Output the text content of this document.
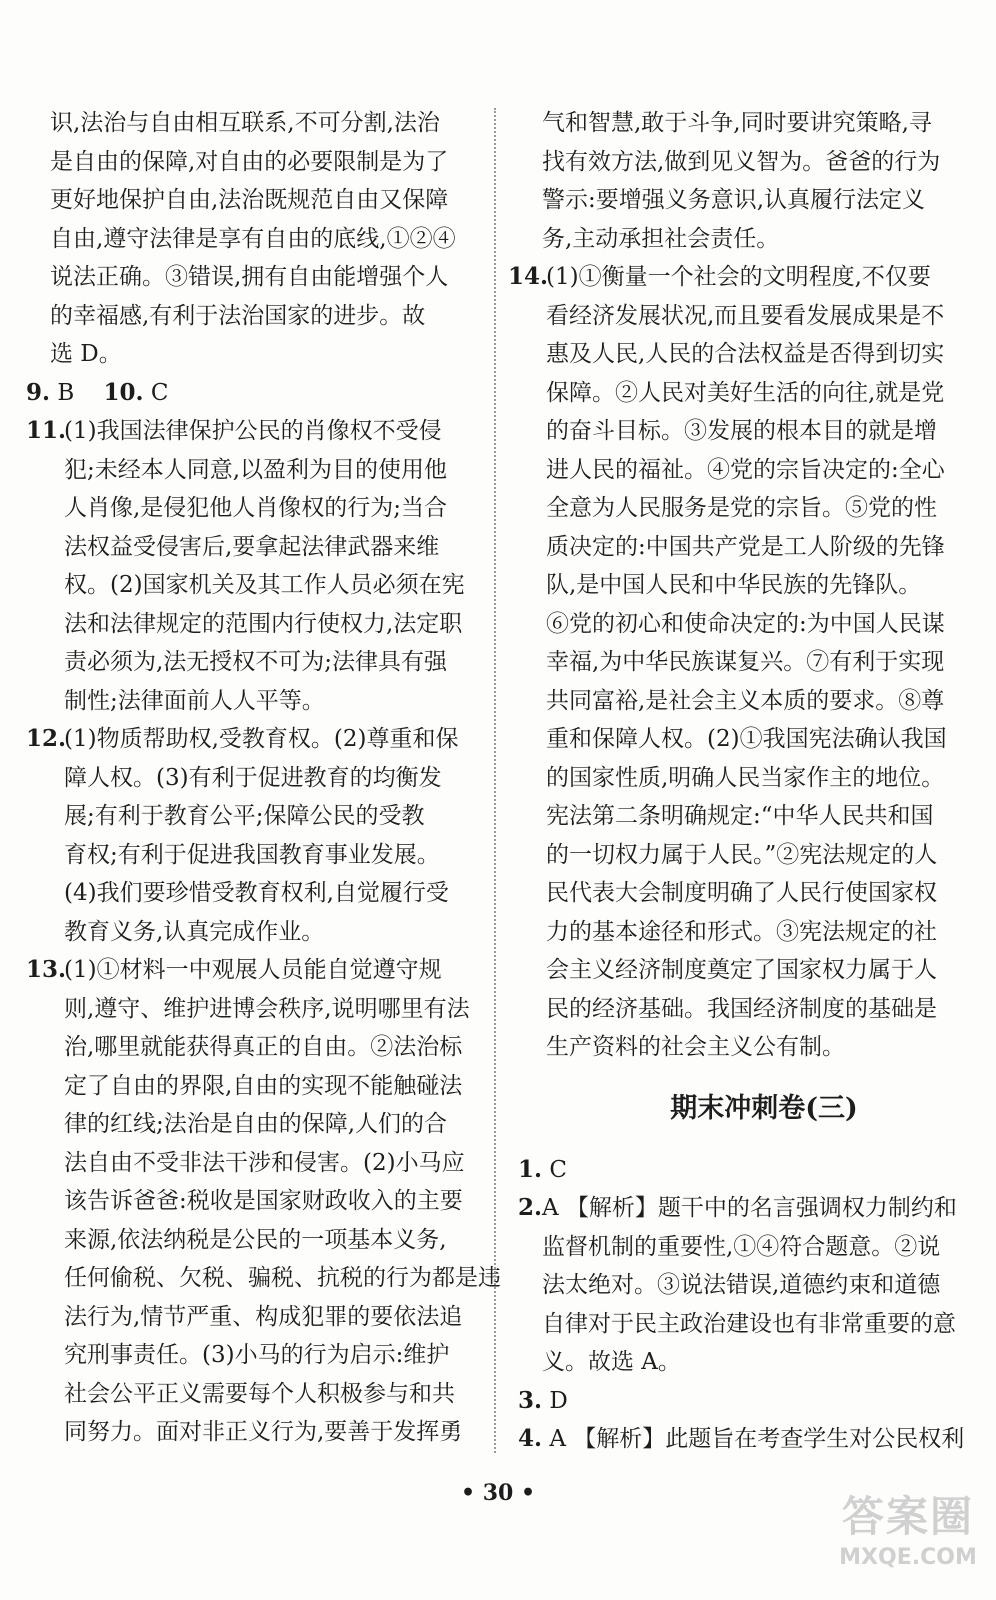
识,法治与自由相互联系,不可分割,法治
是自由的保障,对自由的必要限制是为了
更好地保护自由,法治既规范自由又保障
自由,遵守法律是享有自由的底线,①②④
说法正确。③错误,拥有自由能增强个人
的幸福感,有利于法治国家的进步。故
选 D。
9. B 10. C
11.
(1)我国法律保护公民的肖像权不受侵
犯;未经本人同意,以盈利为目的使用他
人肖像,是侵犯他人肖像权的行为;当合
法权益受侵害后,要拿起法律武器来维
权。(2)国家机关及其工作人员必须在宪
法和法律规定的范围内行使权力,法定职
责必须为,法无授权不可为;法律具有强
制性;法律面前人人平等。
12.
(1)物质帮助权,受教育权。(2)尊重和保
障人权。(3)有利于促进教育的均衡发
展;有利于教育公平;保障公民的受教
育权;有利于促进我国教育事业发展。
(4)我们要珍惜受教育权利,自觉履行受
教育义务,认真完成作业。
13.
(1)①材料一中观展人员能自觉遵守规
则,遵守、维护进博会秩序,说明哪里有法
治,哪里就能获得真正的自由。②法治标
定了自由的界限,自由的实现不能触碰法
律的红线;法治是自由的保障,人们的合
法自由不受非法干涉和侵害。(2)小马应
该告诉爸爸:税收是国家财政收入的主要
来源,依法纳税是公民的一项基本义务,
任何偷税、欠税、骗税、抗税的行为都是违
法行为,情节严重、构成犯罪的要依法追
究刑事责任。(3)小马的行为启示:维护
社会公平正义需要每个人积极参与和共
同努力。面对非正义行为,要善于发挥勇
气和智慧,敢于斗争,同时要讲究策略,寻
找有效方法,做到见义智为。爸爸的行为
警示:要增强义务意识,认真履行法定义
务,主动承担社会责任。
14.
(1)①衡量一个社会的文明程度,不仅要
看经济发展状况,而且要看发展成果是不
惠及人民,人民的合法权益是否得到切实
保障。②人民对美好生活的向往,就是党
的奋斗目标。③发展的根本目的就是增
进人民的福祉。④党的宗旨决定的:全心
全意为人民服务是党的宗旨。⑤党的性
质决定的:中国共产党是工人阶级的先锋
队,是中国人民和中华民族的先锋队。
⑥党的初心和使命决定的:为中国人民谋
幸福,为中华民族谋复兴。⑦有利于实现
共同富裕,是社会主义本质的要求。⑧尊
重和保障人权。(2)①我国宪法确认我国
的国家性质,明确人民当家作主的地位。
宪法第二条明确规定:“中华人民共和国
的一切权力属于人民。”②宪法规定的人
民代表大会制度明确了人民行使国家权
力的基本途径和形式。③宪法规定的社
会主义经济制度奠定了国家权力属于人
民的经济基础。我国经济制度的基础是
生产资料的社会主义公有制。
期末冲刺卷(三)
1. C
2. A 【解析】题干中的名言强调权力制约和
监督机制的重要性,①④符合题意。②说
法太绝对。③说法错误,道德约束和道德
自律对于民主政治建设也有非常重要的意
义。故选 A。
3. D
4. A 【解析】此题旨在考查学生对公民权利
• 30 •	答案圈
MXQE.COM
